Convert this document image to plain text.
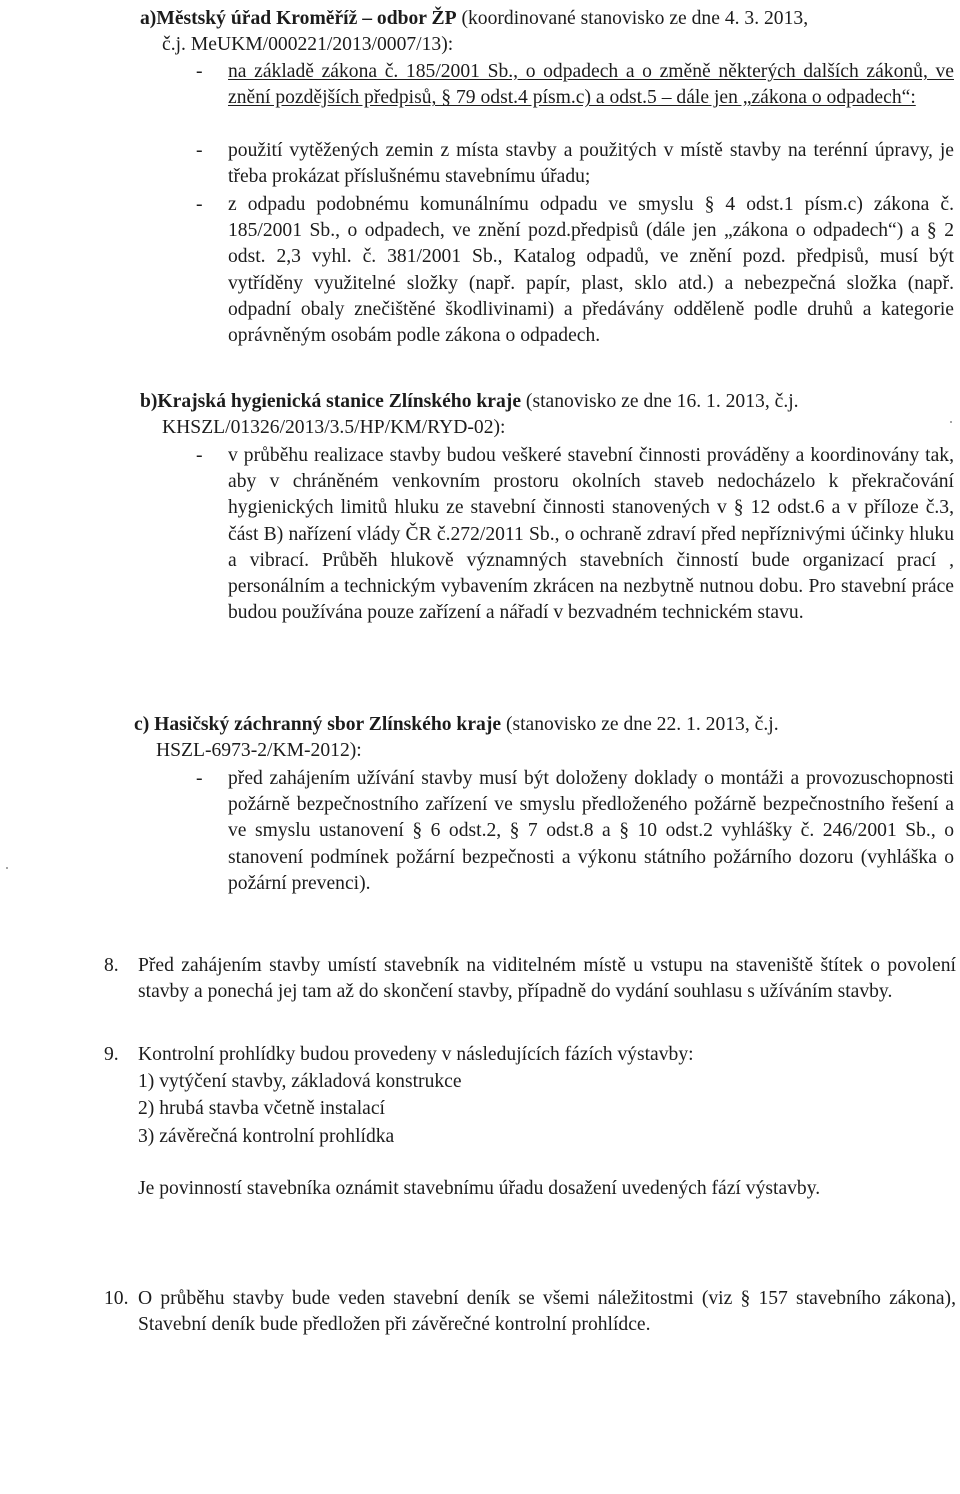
a)Městský úřad Kroměříž – odbor ŽP (koordinované stanovisko ze dne 4. 3. 2013,

č.j. MeUKM/000221/2013/0007/13):

- na základě zákona č. 185/2001 Sb., o odpadech a o změně některých dalších zákonů, ve znění pozdějších předpisů, § 79 odst.4 písm.c) a odst.5 – dále jen „zákona o odpadech“:

- použití vytěžených zemin z místa stavby a použitých v místě stavby na terénní úpravy, je třeba prokázat příslušnému stavebnímu úřadu;

- z odpadu podobnému komunálnímu odpadu ve smyslu § 4 odst.1 písm.c) zákona č. 185/2001 Sb., o odpadech, ve znění pozd.předpisů (dále jen „zákona o odpadech“) a § 2 odst. 2,3 vyhl. č. 381/2001 Sb., Katalog odpadů, ve znění pozd. předpisů, musí být vytříděny využitelné složky (např. papír, plast, sklo atd.) a nebezpečná složka (např. odpadní obaly znečištěné škodlivinami) a předávány odděleně podle druhů a kategorie oprávněným osobám podle zákona o odpadech.

b)Krajská hygienická stanice Zlínského kraje (stanovisko ze dne 16. 1. 2013, č.j.

KHSZL/01326/2013/3.5/HP/KM/RYD-02):

- v průběhu realizace stavby budou veškeré stavební činnosti prováděny a koordinovány tak, aby v chráněném venkovním prostoru okolních staveb nedocházelo k překračování hygienických limitů hluku ze stavební činnosti stanovených v § 12 odst.6 a v příloze č.3, část B) nařízení vlády ČR č.272/2011 Sb., o ochraně zdraví před nepříznivými účinky hluku a vibrací. Průběh hlukově významných stavebních činností bude organizací prací , personálním a technickým vybavením zkrácen na nezbytně nutnou dobu. Pro stavební práce budou používána pouze zařízení a nářadí v bezvadném technickém stavu.

c) Hasičský záchranný sbor Zlínského kraje (stanovisko ze dne 22. 1. 2013, č.j.

HSZL-6973-2/KM-2012):

- před zahájením užívání stavby musí být doloženy doklady o montáži a provozuschopnosti požárně bezpečnostního zařízení ve smyslu předloženého požárně bezpečnostního řešení a ve smyslu ustanovení § 6 odst.2, § 7 odst.8 a § 10 odst.2 vyhlášky č. 246/2001 Sb., o stanovení podmínek požární bezpečnosti a výkonu státního požárního dozoru (vyhláška o požární prevenci).

8. Před zahájením stavby umístí stavebník na viditelném místě u vstupu na staveniště štítek o povolení stavby a ponechá jej tam až do skončení stavby, případně do vydání souhlasu s užíváním stavby.

9. Kontrolní prohlídky budou provedeny v následujících fázích výstavby:

1) vytýčení stavby, základová konstrukce

2) hrubá stavba včetně instalací

3) závěrečná kontrolní prohlídka

Je povinností stavebníka oznámit stavebnímu úřadu dosažení uvedených fází výstavby.

10. O průběhu stavby bude veden stavební deník se všemi náležitostmi (viz § 157 stavebního zákona), Stavební deník bude předložen při závěrečné kontrolní prohlídce.
